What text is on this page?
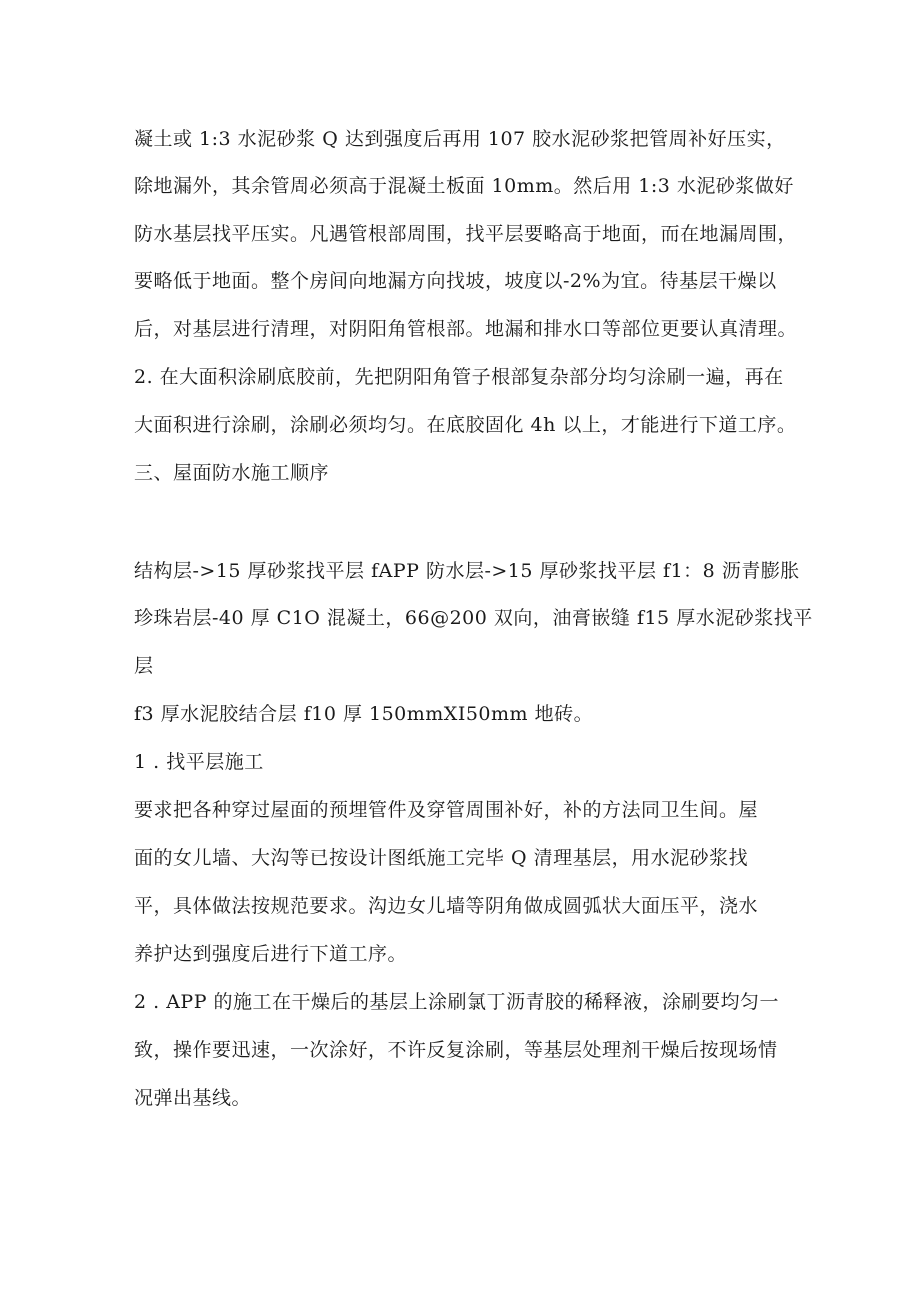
凝土或 1:3 水泥砂浆 Q 达到强度后再用 107 胶水泥砂浆把管周补好压实，
除地漏外，其余管周必须高于混凝土板面 10mm。然后用 1:3 水泥砂浆做好
防水基层找平压实。凡遇管根部周围，找平层要略高于地面，而在地漏周围，
要略低于地面。整个房间向地漏方向找坡，坡度以-2%为宜。待基层干燥以
后，对基层进行清理，对阴阳角管根部。地漏和排水口等部位更要认真清理。
2. 在大面积涂刷底胶前，先把阴阳角管子根部复杂部分均匀涂刷一遍，再在
大面积进行涂刷，涂刷必须均匀。在底胶固化 4h 以上，才能进行下道工序。
三、屋面防水施工顺序
结构层->15 厚砂浆找平层 fAPP 防水层->15 厚砂浆找平层 f1：8 沥青膨胀
珍珠岩层-40 厚 C1O 混凝土，66@200 双向，油膏嵌缝 f15 厚水泥砂浆找平
层
f3 厚水泥胶结合层 f10 厚 150mmXI50mm 地砖。
1 . 找平层施工
要求把各种穿过屋面的预埋管件及穿管周围补好，补的方法同卫生间。屋
面的女儿墙、大沟等已按设计图纸施工完毕 Q 清理基层，用水泥砂浆找
平，具体做法按规范要求。沟边女儿墙等阴角做成圆弧状大面压平，浇水
养护达到强度后进行下道工序。
2 . APP 的施工在干燥后的基层上涂刷氯丁沥青胶的稀释液，涂刷要均匀一
致，操作要迅速，一次涂好，不许反复涂刷，等基层处理剂干燥后按现场情
况弹出基线。
